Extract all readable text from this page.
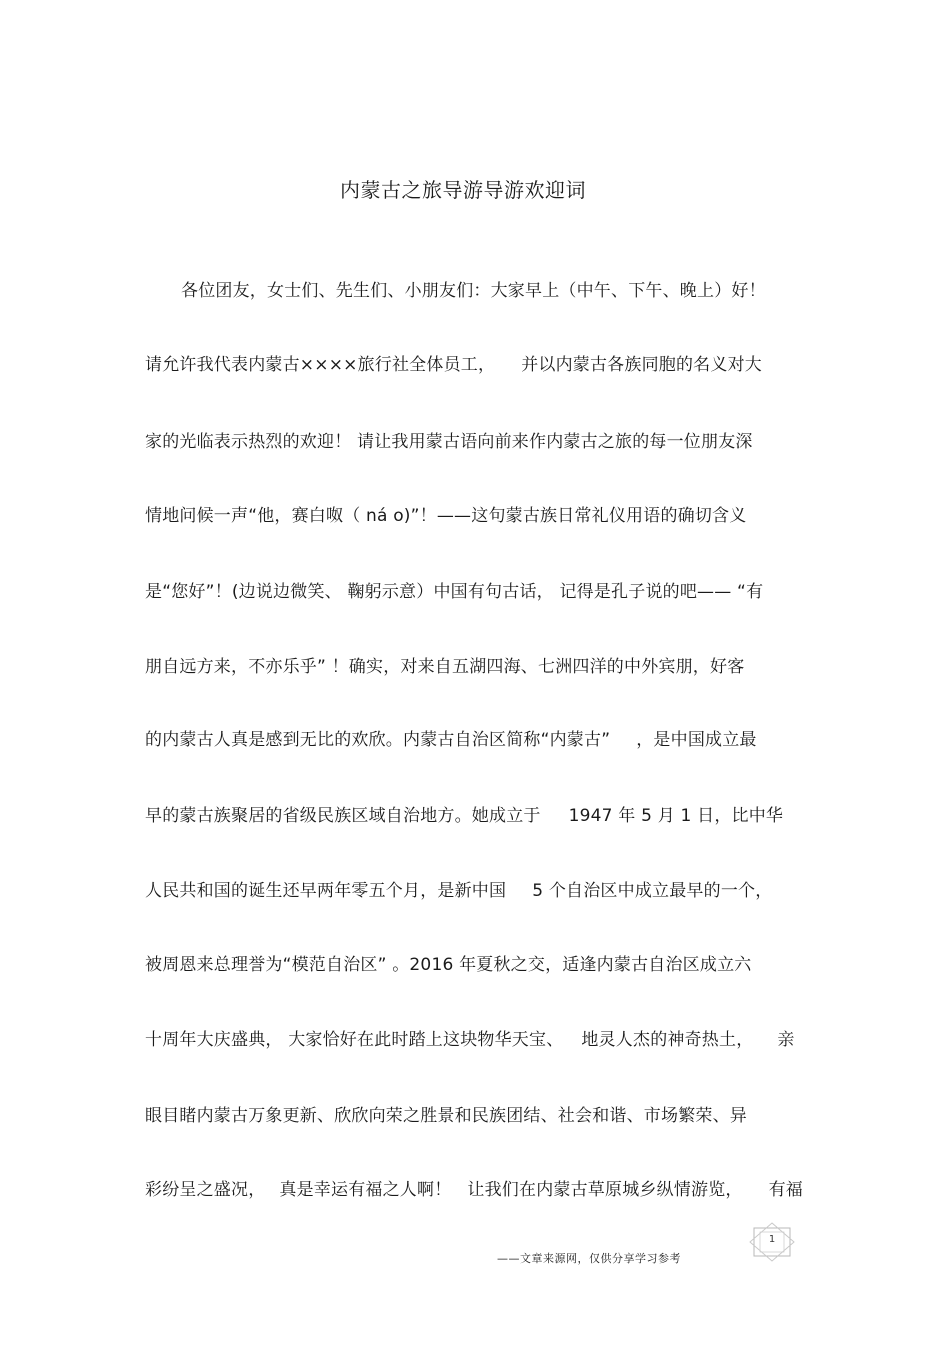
内蒙古之旅导游导游欢迎词
各位团友，女士们、先生们、小朋友们：大家早上（中午、下午、晚上）好！
请允许我代表内蒙古××××旅行社全体员工， 并以内蒙古各族同胞的名义对大
家的光临表示热烈的欢迎！ 请让我用蒙古语向前来作内蒙古之旅的每一位朋友深
情地问候一声“他，赛白呶（ ná o)”！——这句蒙古族日常礼仪用语的确切含义
是“您好”！(边说边微笑、 鞠躬示意）中国有句古话， 记得是孔子说的吧—— “有
朋自远方来，不亦乐乎” ！确实，对来自五湖四海、七洲四洋的中外宾朋，好客
的内蒙古人真是感到无比的欢欣。内蒙古自治区简称“内蒙古” ，是中国成立最
早的蒙古族聚居的省级民族区域自治地方。她成立于 1947 年 5 月 1 日，比中华
人民共和国的诞生还早两年零五个月，是新中国 5 个自治区中成立最早的一个，
被周恩来总理誉为“模范自治区” 。2016 年夏秋之交，适逢内蒙古自治区成立六
十周年大庆盛典， 大家恰好在此时踏上这块物华天宝、 地灵人杰的神奇热土， 亲
眼目睹内蒙古万象更新、欣欣向荣之胜景和民族团结、社会和谐、市场繁荣、异
彩纷呈之盛况， 真是幸运有福之人啊！ 让我们在内蒙古草原城乡纵情游览， 有福
1
——文章来源网，仅供分享学习参考
